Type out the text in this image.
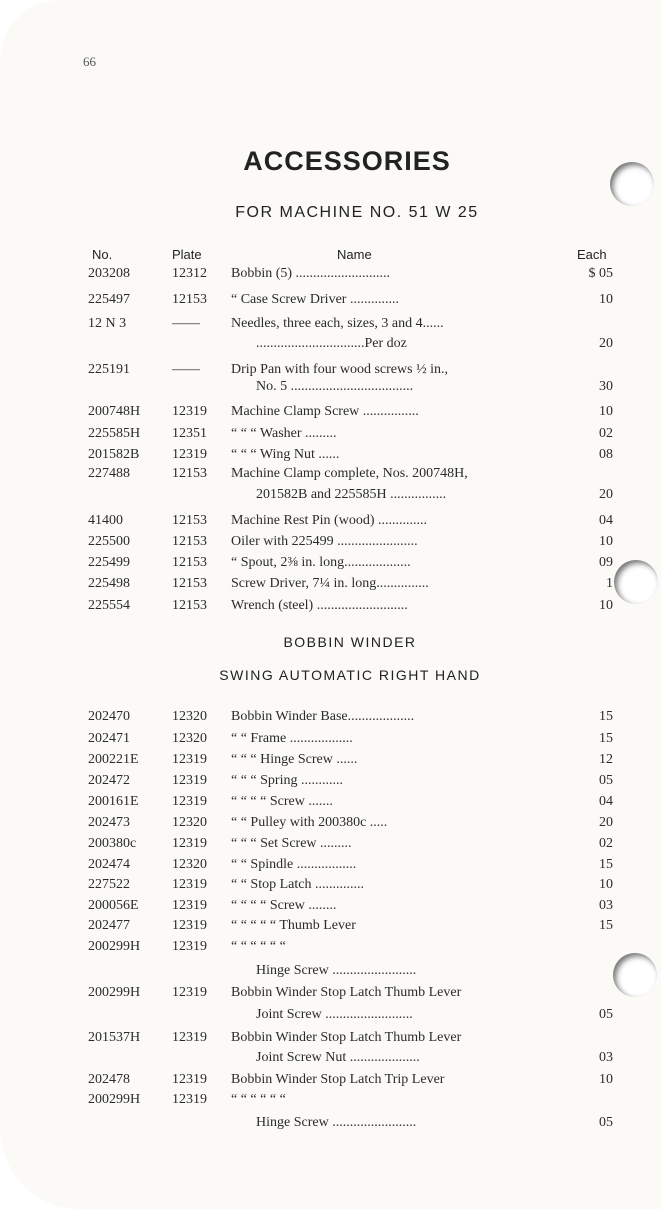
66
ACCESSORIES
FOR MACHINE NO. 51 W 25
No.	Plate	Name	Each
203208	12312 Bobbin (5) ...........................	$ 05
225497	12153 “ Case Screw Driver ..............	10
12 N 3	—— Needles, three each, sizes, 3 and 4......
...............................Per doz	20
225191	—— Drip Pan with four wood screws ½ in.,
No. 5 ...................................	30
200748H 12319 Machine Clamp Screw ................	10
225585H 12351 “ “ “ Washer .........	02
201582B 12319 “ “ “ Wing Nut ......	08
227488	12153 Machine Clamp complete, Nos. 200748H,
201582B and 225585H ................	20
41400	12153 Machine Rest Pin (wood) ..............	04
225500	12153 Oiler with 225499 .......................	10
225499	12153 “ Spout, 2⅜ in. long...................	09
225498	12153 Screw Driver, 7¼ in. long...............	1
225554	12153 Wrench (steel) ..........................	10
BOBBIN WINDER
SWING AUTOMATIC RIGHT HAND
202470	12320 Bobbin Winder Base...................	15
202471	12320 “ “ Frame ..................	15
200221E 12319 “ “ “ Hinge Screw ......	12
202472	12319 “ “ “ Spring ............	05
200161E 12319 “ “ “ “ Screw .......	04
202473	12320 “ “ Pulley with 200380c .....	20
200380c	12319 “ “ “ Set Screw .........	02
202474	12320 “ “ Spindle .................	15
227522	12319 “ “ Stop Latch ..............	10
200056E 12319 “ “ “ “ Screw ........	03
202477	12319 “ “ “ “ “ Thumb Lever	15
200299H 12319 “ “ “ “ “ “
Hinge Screw ........................
200299H 12319 Bobbin Winder Stop Latch Thumb Lever
Joint Screw .........................	05
201537H 12319 Bobbin Winder Stop Latch Thumb Lever
Joint Screw Nut ....................	03
202478	12319 Bobbin Winder Stop Latch Trip Lever	10
200299H 12319 “ “ “ “ “ “
Hinge Screw ........................	05
